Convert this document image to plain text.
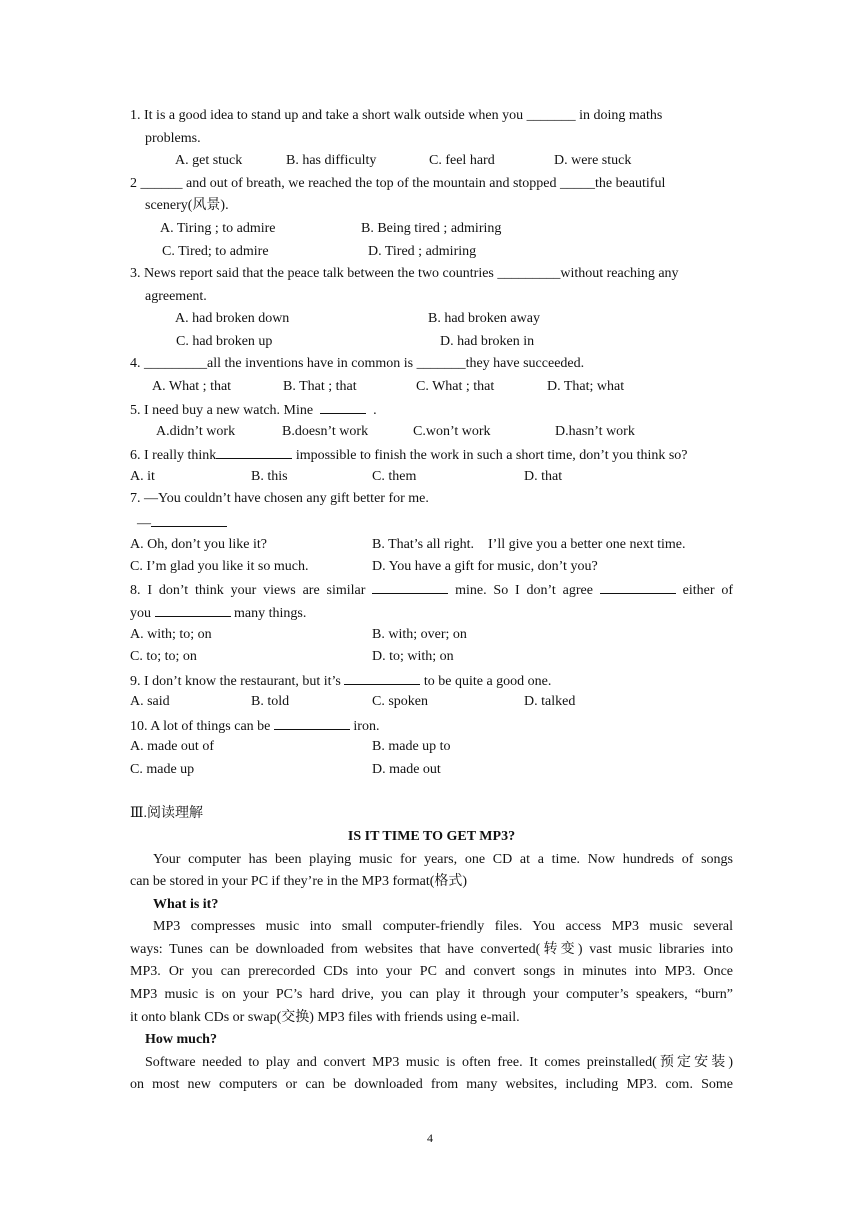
1. It is a good idea to stand up and take a short walk outside when you _______ in doing maths
problems.
A. get stuck	B. has difficulty	C. feel hard	D. were stuck
2 ______ and out of breath, we reached the top of the mountain and stopped _____the beautiful
scenery(风景).
A. Tiring ; to admire	B. Being tired ; admiring
C. Tired; to admire	D. Tired ; admiring
3. News report said that the peace talk between the two countries _________without reaching any
agreement.
A. had broken down	B. had broken away
C. had broken up	D. had broken in
4. _________all the inventions have in common is _______they have succeeded.
A. What ; that	B. That ; that	C. What ; that	D. That; what
5. I need buy a new watch. Mine	.
A.didn’t work	B.doesn’t work	C.won’t work	D.hasn’t work
6. I really think	impossible to finish the work in such a short time, don’t you think so?
A. it	B. this	C. them	D. that
7. —You couldn’t have chosen any gift better for me.
—
A. Oh, don’t you like it?	B. That’s all right.    I’ll give you a better one next time.
C. I’m glad you like it so much.	D. You have a gift for music, don’t you?
8. I don’t think your views are similar	mine. So I don’t agree	either of
you	many things.
A. with; to; on	B. with; over; on
C. to; to; on	D. to; with; on
9. I don’t know the restaurant, but it’s	to be quite a good one.
A. said	B. told	C. spoken	D. talked
10. A lot of things can be	iron.
A. made out of	B. made up to
C. made up	D. made out
Ⅲ.阅读理解
IS IT TIME TO GET MP3?
Your computer has been playing music for years, one CD at a time. Now hundreds of songs
can be stored in your PC if they’re in the MP3 format(格式)
What is it?
MP3 compresses music into small computer-friendly files. You access MP3 music several
ways: Tunes can be downloaded from websites that have converted(转变) vast music libraries into
MP3. Or you can prerecorded CDs into your PC and convert songs in minutes into MP3. Once
MP3 music is on your PC’s hard drive, you can play it through your computer’s speakers, “burn”
it onto blank CDs or swap(交换) MP3 files with friends using e-mail.
How much?
Software needed to play and convert MP3 music is often free. It comes preinstalled(预定安装)
on most new computers or can be downloaded from many websites, including MP3. com. Some
4
